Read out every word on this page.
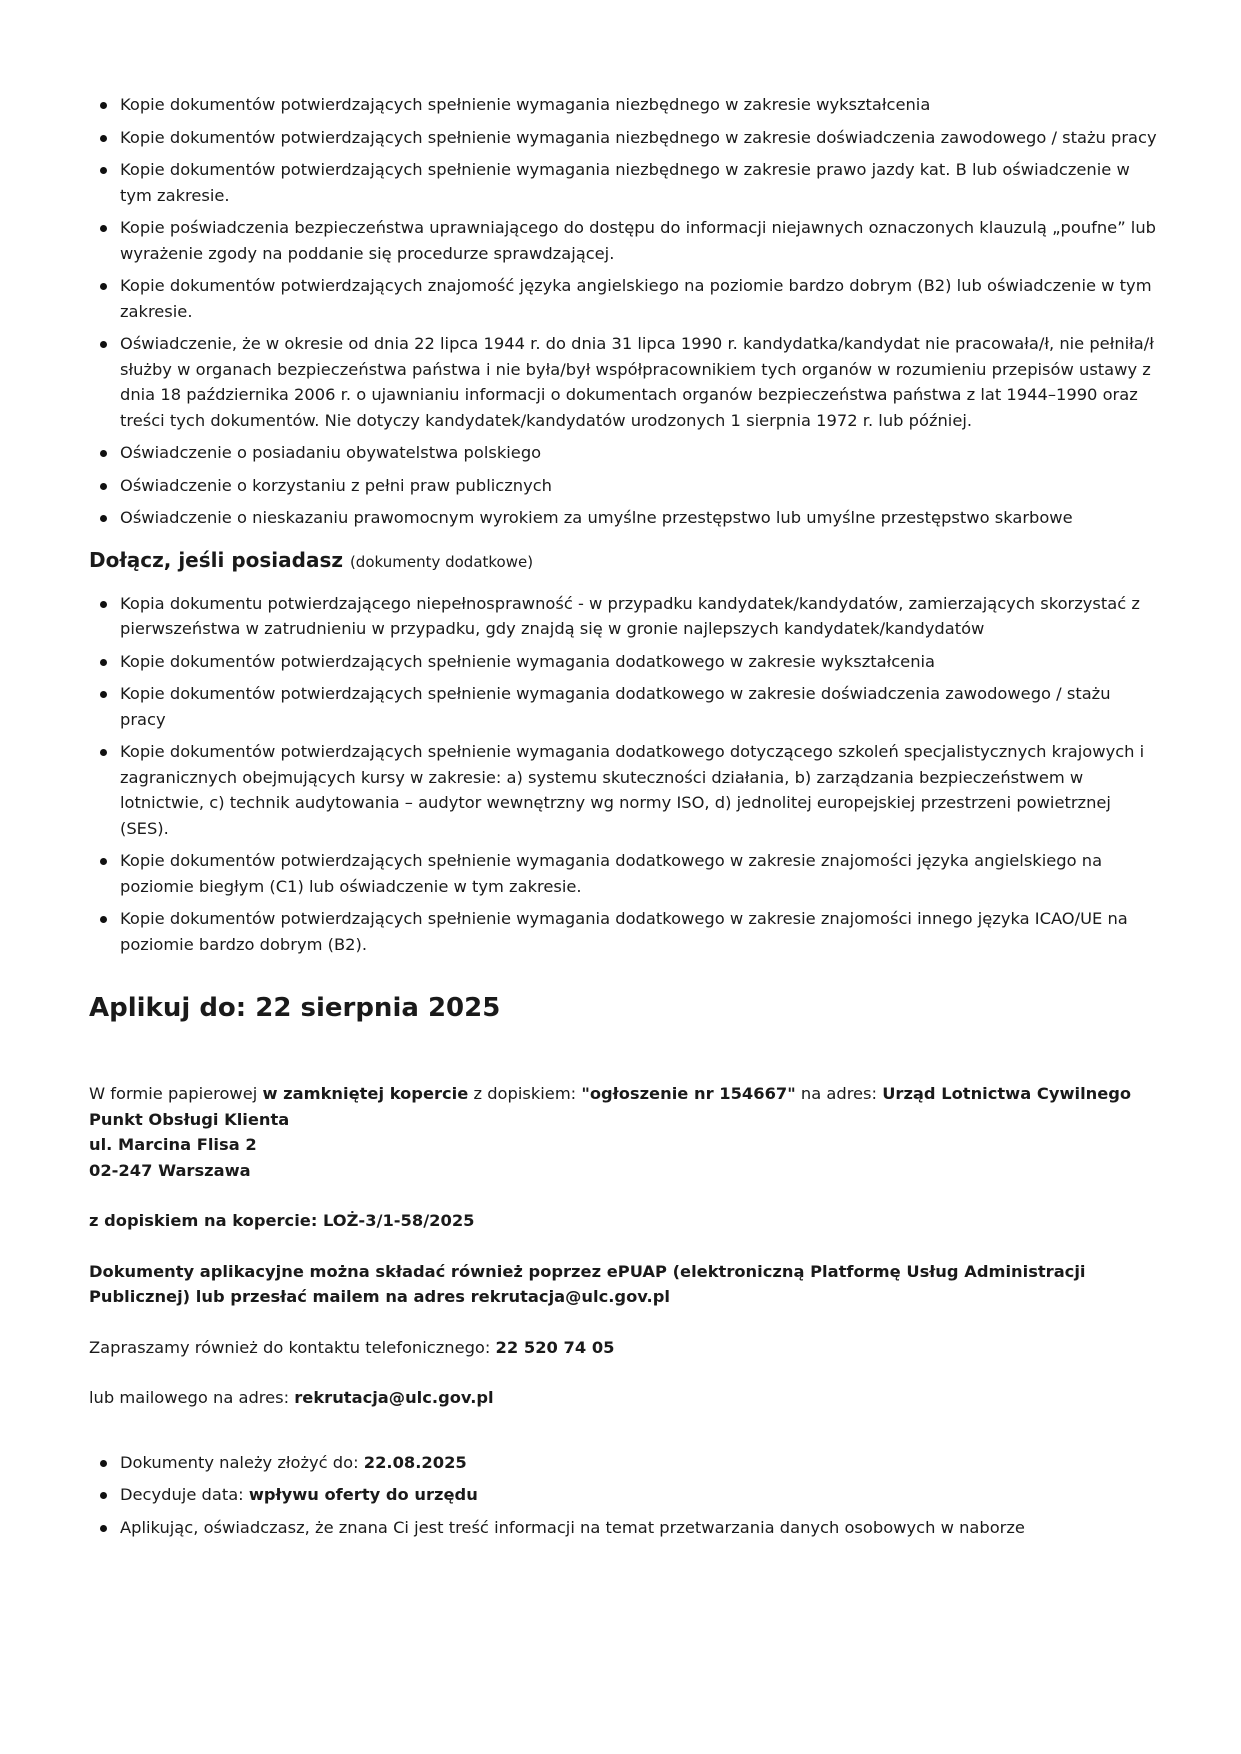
Kopie dokumentów potwierdzających spełnienie wymagania niezbędnego w zakresie wykształcenia
Kopie dokumentów potwierdzających spełnienie wymagania niezbędnego w zakresie doświadczenia zawodowego / stażu pracy
Kopie dokumentów potwierdzających spełnienie wymagania niezbędnego w zakresie prawo jazdy kat. B lub oświadczenie w tym zakresie.
Kopie poświadczenia bezpieczeństwa uprawniającego do dostępu do informacji niejawnych oznaczonych klauzulą „poufne” lub wyrażenie zgody na poddanie się procedurze sprawdzającej.
Kopie dokumentów potwierdzających znajomość języka angielskiego na poziomie bardzo dobrym (B2) lub oświadczenie w tym zakresie.
Oświadczenie, że w okresie od dnia 22 lipca 1944 r. do dnia 31 lipca 1990 r. kandydatka/kandydat nie pracowała/ł, nie pełniła/ł służby w organach bezpieczeństwa państwa i nie była/był współpracownikiem tych organów w rozumieniu przepisów ustawy z dnia 18 października 2006 r. o ujawnianiu informacji o dokumentach organów bezpieczeństwa państwa z lat 1944–1990 oraz treści tych dokumentów. Nie dotyczy kandydatek/kandydatów urodzonych 1 sierpnia 1972 r. lub później.
Oświadczenie o posiadaniu obywatelstwa polskiego
Oświadczenie o korzystaniu z pełni praw publicznych
Oświadczenie o nieskazaniu prawomocnym wyrokiem za umyślne przestępstwo lub umyślne przestępstwo skarbowe
Dołącz, jeśli posiadasz (dokumenty dodatkowe)
Kopia dokumentu potwierdzającego niepełnosprawność - w przypadku kandydatek/kandydatów, zamierzających skorzystać z pierwszeństwa w zatrudnieniu w przypadku, gdy znajdą się w gronie najlepszych kandydatek/kandydatów
Kopie dokumentów potwierdzających spełnienie wymagania dodatkowego w zakresie wykształcenia
Kopie dokumentów potwierdzających spełnienie wymagania dodatkowego w zakresie doświadczenia zawodowego / stażu pracy
Kopie dokumentów potwierdzających spełnienie wymagania dodatkowego dotyczącego szkoleń specjalistycznych krajowych i zagranicznych obejmujących kursy w zakresie: a) systemu skuteczności działania, b) zarządzania bezpieczeństwem w lotnictwie, c) technik audytowania – audytor wewnętrzny wg normy ISO, d) jednolitej europejskiej przestrzeni powietrznej (SES).
Kopie dokumentów potwierdzających spełnienie wymagania dodatkowego w zakresie znajomości języka angielskiego na poziomie biegłym (C1) lub oświadczenie w tym zakresie.
Kopie dokumentów potwierdzających spełnienie wymagania dodatkowego w zakresie znajomości innego języka ICAO/UE na poziomie bardzo dobrym (B2).
Aplikuj do: 22 sierpnia 2025

W formie papierowej w zamkniętej kopercie z dopiskiem: "ogłoszenie nr 154667" na adres: Urząd Lotnictwa Cywilnego
Punkt Obsługi Klienta
ul. Marcina Flisa 2
02-247 Warszawa

z dopiskiem na kopercie: LOŻ-3/1-58/2025

Dokumenty aplikacyjne można składać również poprzez ePUAP (elektroniczną Platformę Usług Administracji Publicznej) lub przesłać mailem na adres rekrutacja@ulc.gov.pl

Zapraszamy również do kontaktu telefonicznego: 22 520 74 05

lub mailowego na adres: rekrutacja@ulc.gov.pl

Dokumenty należy złożyć do: 22.08.2025
Decyduje data: wpływu oferty do urzędu
Aplikując, oświadczasz, że znana Ci jest treść informacji na temat przetwarzania danych osobowych w naborze
